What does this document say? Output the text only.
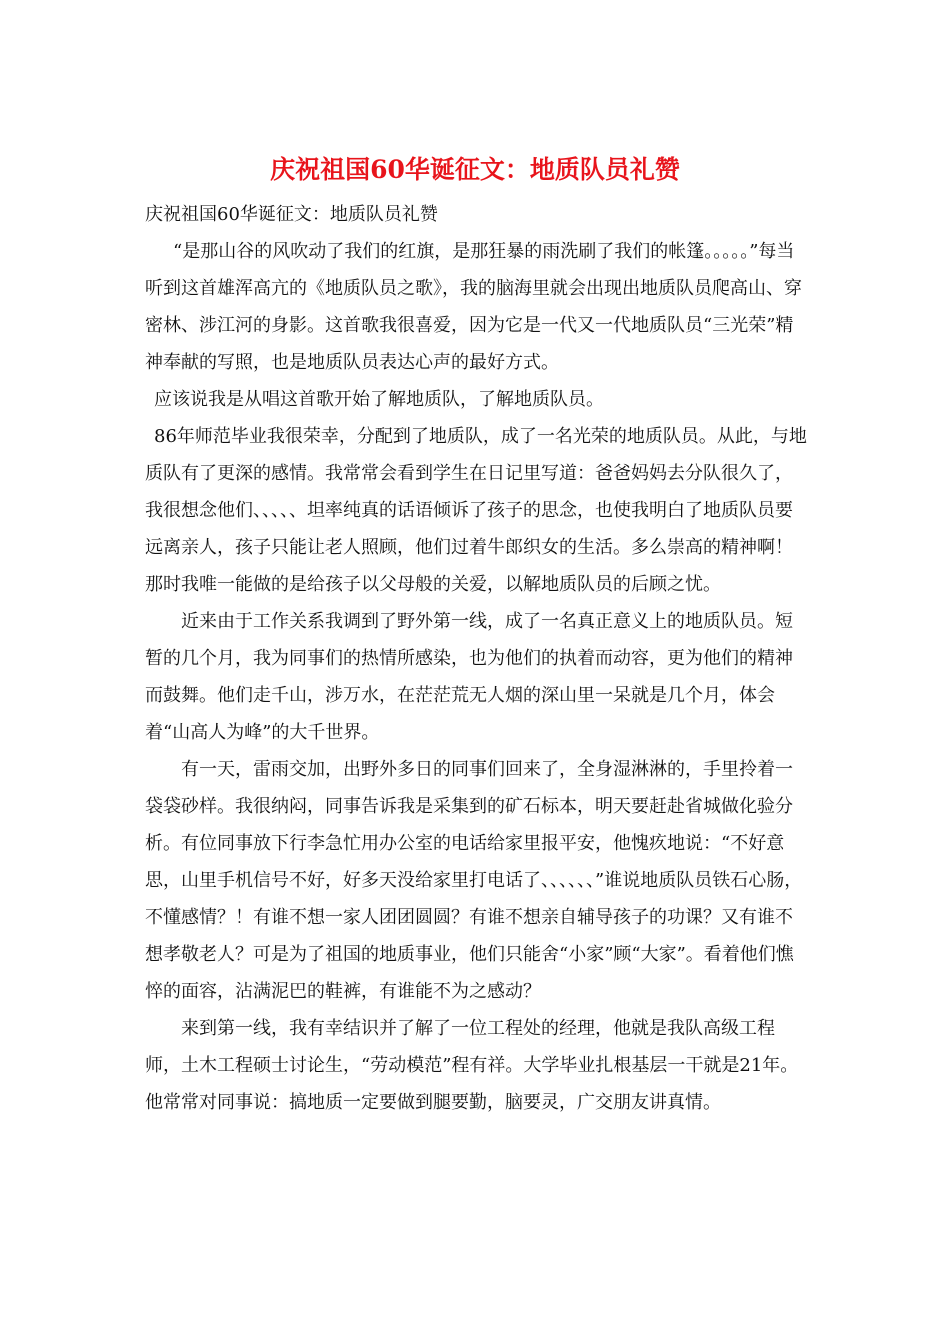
庆祝祖国60华诞征文：地质队员礼赞

庆祝祖国60华诞征文：地质队员礼赞

“是那山谷的风吹动了我们的红旗，是那狂暴的雨洗刷了我们的帐篷。。。。。”每当听到这首雄浑高亢的《地质队员之歌》，我的脑海里就会出现出地质队员爬高山、穿密林、涉江河的身影。这首歌我很喜爱，因为它是一代又一代地质队员“三光荣”精神奉献的写照，也是地质队员表达心声的最好方式。

应该说我是从唱这首歌开始了解地质队，了解地质队员。

86年师范毕业我很荣幸，分配到了地质队，成了一名光荣的地质队员。从此，与地质队有了更深的感情。我常常会看到学生在日记里写道：爸爸妈妈去分队很久了，我很想念他们、、、、、坦率纯真的话语倾诉了孩子的思念，也使我明白了地质队员要远离亲人，孩子只能让老人照顾，他们过着牛郎织女的生活。多么崇高的精神啊！那时我唯一能做的是给孩子以父母般的关爱，以解地质队员的后顾之忧。

近来由于工作关系我调到了野外第一线，成了一名真正意义上的地质队员。短暂的几个月，我为同事们的热情所感染，也为他们的执着而动容，更为他们的精神而鼓舞。他们走千山，涉万水，在茫茫荒无人烟的深山里一呆就是几个月，体会着“山高人为峰”的大千世界。

有一天，雷雨交加，出野外多日的同事们回来了，全身湿淋淋的，手里拎着一袋袋砂样。我很纳闷，同事告诉我是采集到的矿石标本，明天要赶赴省城做化验分析。有位同事放下行李急忙用办公室的电话给家里报平安，他愧疚地说：“不好意思，山里手机信号不好，好多天没给家里打电话了、、、、、、”谁说地质队员铁石心肠，不懂感情？！有谁不想一家人团团圆圆？有谁不想亲自辅导孩子的功课？又有谁不想孝敬老人？可是为了祖国的地质事业，他们只能舍“小家”顾“大家”。看着他们憔悴的面容，沾满泥巴的鞋裤，有谁能不为之感动？

来到第一线，我有幸结识并了解了一位工程处的经理，他就是我队高级工程师，土木工程硕士讨论生，“劳动模范”程有祥。大学毕业扎根基层一干就是21年。他常常对同事说：搞地质一定要做到腿要勤，脑要灵，广交朋友讲真情。
